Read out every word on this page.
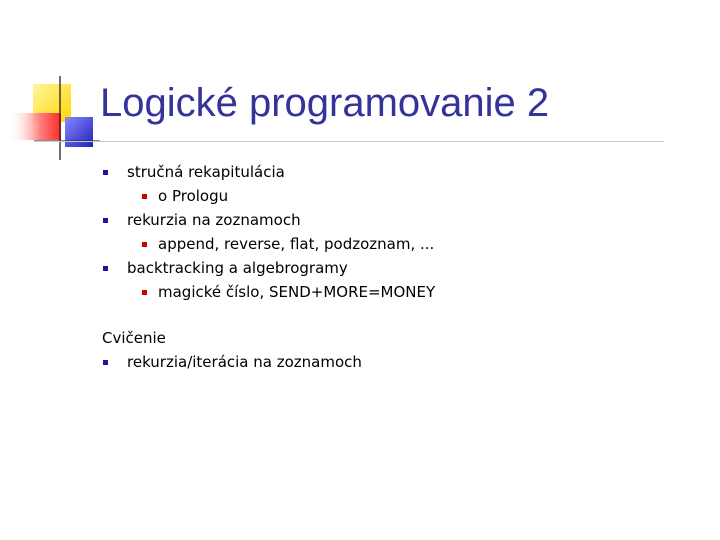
Logické programovanie 2
stručná rekapitulácia
o Prologu
rekurzia na zoznamoch
append, reverse, flat, podzoznam, ...
backtracking a algebrogramy
magické číslo, SEND+MORE=MONEY
Cvičenie
rekurzia/iterácia na zoznamoch
